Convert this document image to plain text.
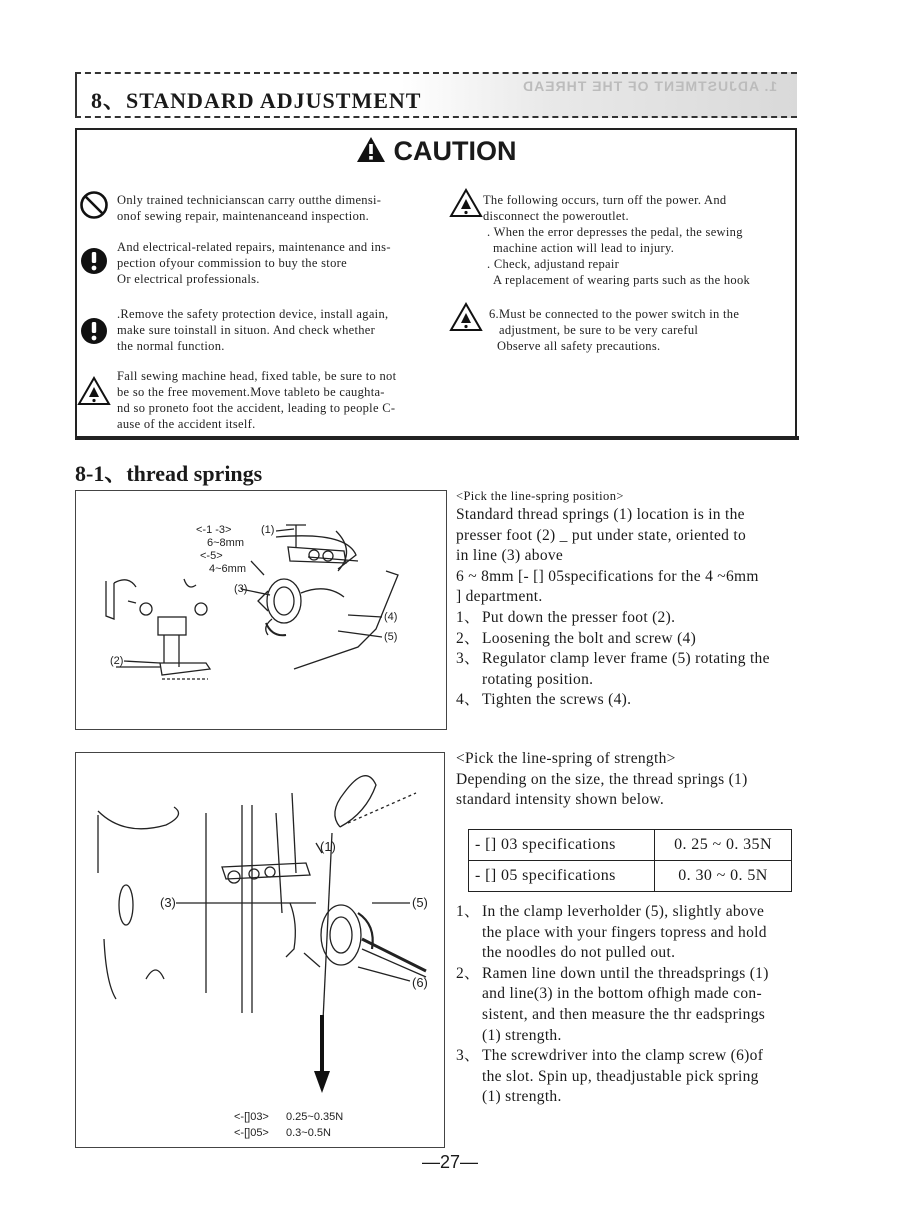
8、STANDARD ADJUSTMENT
1. ADJUSTMENT OF THE THREAD
CAUTION
Only trained technicianscan carry outthe dimensi-
onof sewing repair, maintenanceand inspection.
And electrical-related repairs, maintenance and ins-
pection ofyour commission to buy the store
Or electrical professionals.
.Remove the safety protection device, install again,
make sure toinstall in situon. And check whether
the normal function.
Fall sewing machine head, fixed table, be sure to not
be so the free movement.Move tableto be caughta-
nd so proneto foot the accident, leading to people C-
ause of the accident itself.
The following occurs, turn off the power. And
disconnect the poweroutlet.
. When the error depresses the pedal, the sewing
machine action will lead to injury.
. Check, adjustand repair
A replacement of wearing parts such as the hook
6.Must be connected to the power switch in the
adjustment, be sure to be very careful
Observe all safety precautions.
8-1、thread springs
<-1 -3>
6~8mm
<-5>
4~6mm
(1)
(3)
(4)
(5)
(2)
<Pick the line-spring position>
Standard thread springs (1) location is in the
presser foot (2) _ put under state, oriented to
in line (3) above
6 ~ 8mm [- [] 05specifications for the 4 ~6mm
] department.
1、 Put down the presser foot (2).
2、 Loosening the bolt and screw (4)
3、 Regulator clamp lever frame (5) rotating the
rotating position.
4、 Tighten the screws (4).
(3)
(1)
(5)
(6)
<-[]03> 0.25~0.35N
<-[]05> 0.3~0.5N
<Pick the line-spring of strength>
Depending on the size, the thread springs (1)
standard intensity shown below.
- [] 03 specifications	0. 25 ~ 0. 35N
- [] 05 specifications	0. 30 ~ 0. 5N
1、 In the clamp leverholder (5), slightly above
the place with your fingers topress and hold
the noodles do not pulled out.
2、 Ramen line down until the threadsprings (1)
and line(3) in the bottom ofhigh made con-
sistent, and then measure the thr eadsprings
(1) strength.
3、 The screwdriver into the clamp screw (6)of
the slot. Spin up, theadjustable pick spring
(1) strength.
—27—
